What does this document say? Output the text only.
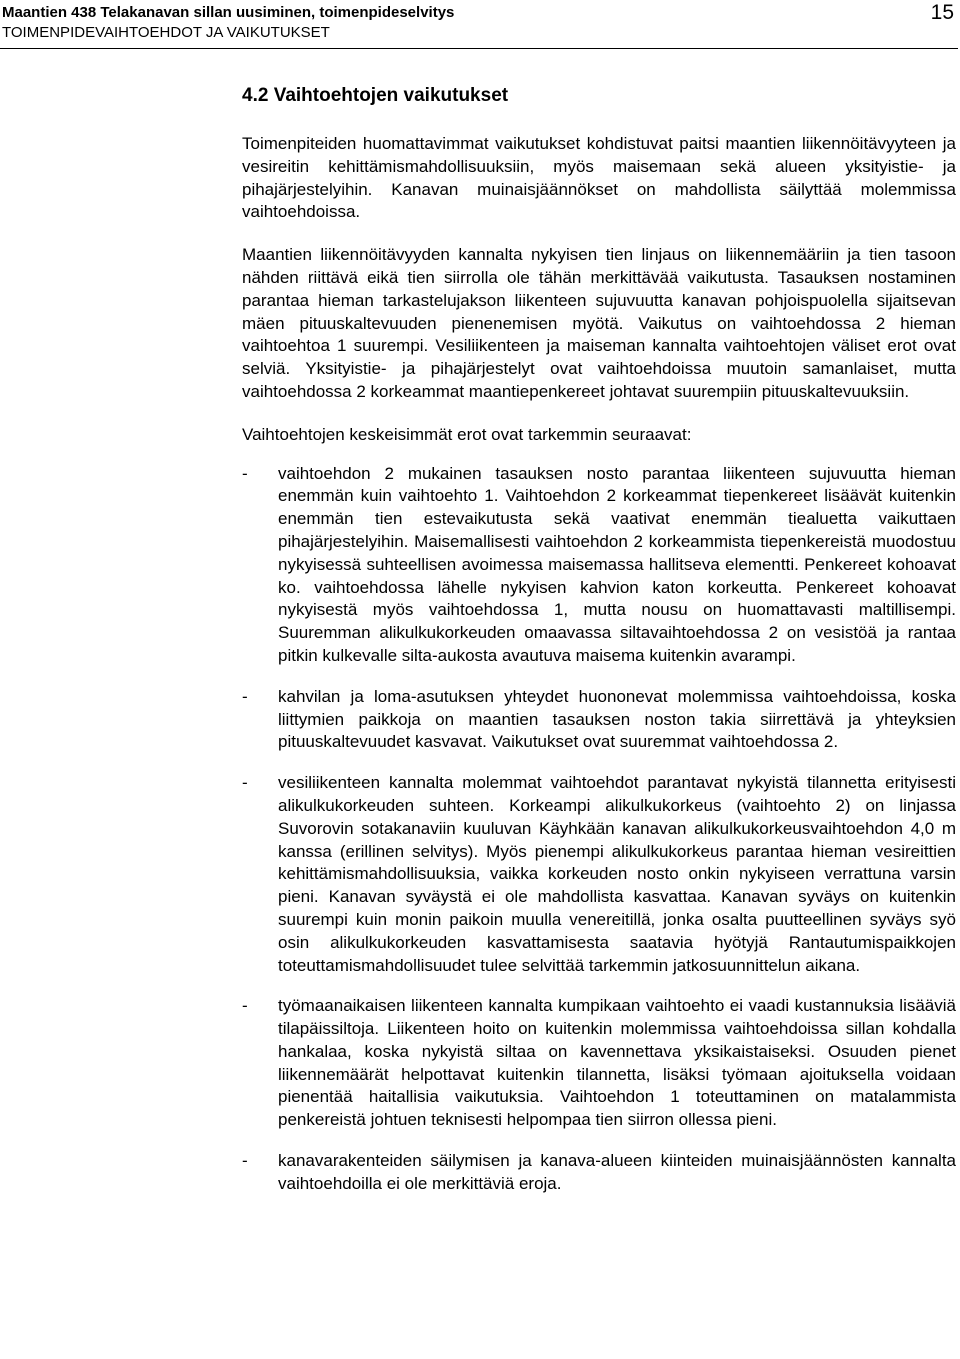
Maantien 438 Telakanavan sillan uusiminen, toimenpideselvitys
TOIMENPIDEVAIHTOEHDOT JA VAIKUTUKSET
15
4.2 Vaihtoehtojen vaikutukset

Toimenpiteiden huomattavimmat vaikutukset kohdistuvat paitsi maantien liikennöitävyyteen ja vesireitin kehittämismahdollisuuksiin, myös maisemaan sekä alueen yksityistie- ja pihajärjestelyihin. Kanavan muinaisjäännökset on mahdollista säilyttää molemmissa vaihtoehdoissa.

Maantien liikennöitävyyden kannalta nykyisen tien linjaus on liikennemääriin ja tien tasoon nähden riittävä eikä tien siirrolla ole tähän merkittävää vaikutusta. Tasauksen nostaminen parantaa hieman tarkastelujakson liikenteen sujuvuutta kanavan pohjoispuolella sijaitsevan mäen pituuskaltevuuden pienenemisen myötä. Vaikutus on vaihtoehdossa 2 hieman vaihtoehtoa 1 suurempi. Vesiliikenteen ja maiseman kannalta vaihtoehtojen väliset erot ovat selviä. Yksityistie- ja pihajärjestelyt ovat vaihtoehdoissa muutoin samanlaiset, mutta vaihtoehdossa 2 korkeammat maantiepenkereet johtavat suurempiin pituuskaltevuuksiin.

Vaihtoehtojen keskeisimmät erot ovat tarkemmin seuraavat:

- vaihtoehdon 2 mukainen tasauksen nosto parantaa liikenteen sujuvuutta hieman enemmän kuin vaihtoehto 1. Vaihtoehdon 2 korkeammat tiepenkereet lisäävät kuitenkin enemmän tien estevaikutusta sekä vaativat enemmän tiealuetta vaikuttaen pihajärjestelyihin. Maisemallisesti vaihtoehdon 2 korkeammista tiepenkereistä muodostuu nykyisessä suhteellisen avoimessa maisemassa hallitseva elementti. Penkereet kohoavat ko. vaihtoehdossa lähelle nykyisen kahvion katon korkeutta. Penkereet kohoavat nykyisestä myös vaihtoehdossa 1, mutta nousu on huomattavasti maltillisempi. Suuremman alikulkukorkeuden omaavassa siltavaihtoehdossa 2 on vesistöä ja rantaa pitkin kulkevalle silta-aukosta avautuva maisema kuitenkin avarampi.
- kahvilan ja loma-asutuksen yhteydet huononevat molemmissa vaihtoehdoissa, koska liittymien paikkoja on maantien tasauksen noston takia siirrettävä ja yhteyksien pituuskaltevuudet kasvavat. Vaikutukset ovat suuremmat vaihtoehdossa 2.
- vesiliikenteen kannalta molemmat vaihtoehdot parantavat nykyistä tilannetta erityisesti alikulkukorkeuden suhteen. Korkeampi alikulkukorkeus (vaihtoehto 2) on linjassa Suvorovin sotakanaviin kuuluvan Käyhkään kanavan alikulkukorkeusvaihtoehdon 4,0 m kanssa (erillinen selvitys). Myös pienempi alikulkukorkeus parantaa hieman vesireittien kehittämismahdollisuuksia, vaikka korkeuden nosto onkin nykyiseen verrattuna varsin pieni. Kanavan syväystä ei ole mahdollista kasvattaa. Kanavan syväys on kuitenkin suurempi kuin monin paikoin muulla venereitillä, jonka osalta puutteellinen syväys syö osin alikulkukorkeuden kasvattamisesta saatavia hyötyjä Rantautumispaikkojen toteuttamismahdollisuudet tulee selvittää tarkemmin jatkosuunnittelun aikana.
- työmaanaikaisen liikenteen kannalta kumpikaan vaihtoehto ei vaadi kustannuksia lisääviä tilapäissiltoja. Liikenteen hoito on kuitenkin molemmissa vaihtoehdoissa sillan kohdalla hankalaa, koska nykyistä siltaa on kavennettava yksikaistaiseksi. Osuuden pienet liikennemäärät helpottavat kuitenkin tilannetta, lisäksi työmaan ajoituksella voidaan pienentää haitallisia vaikutuksia. Vaihtoehdon 1 toteuttaminen on matalammista penkereistä johtuen teknisesti helpompaa tien siirron ollessa pieni.
- kanavarakenteiden säilymisen ja kanava-alueen kiinteiden muinaisjäännösten kannalta vaihtoehdoilla ei ole merkittäviä eroja.
